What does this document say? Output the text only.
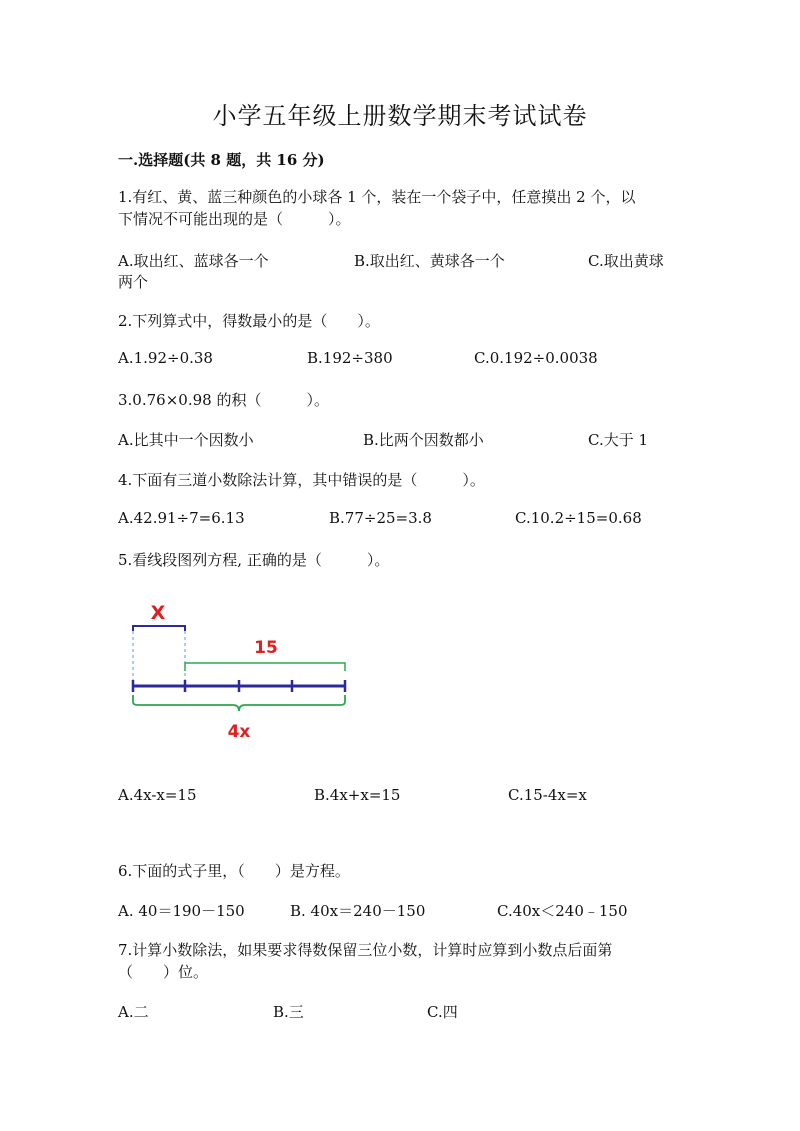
小学五年级上册数学期末考试试卷
一.选择题(共 8 题，共 16 分)
1.有红、黄、蓝三种颜色的小球各 1 个，装在一个袋子中，任意摸出 2 个，以
下情况不可能出现的是（　　　）。
A.取出红、蓝球各一个	B.取出红、黄球各一个	C.取出黄球
两个
2.下列算式中，得数最小的是（　　）。
A.1.92÷0.38	B.192÷380	C.0.192÷0.0038
3.0.76×0.98 的积（　　　）。
A.比其中一个因数小	B.比两个因数都小	C.大于 1
4.下面有三道小数除法计算，其中错误的是（　　　）。
A.42.91÷7=6.13	B.77÷25=3.8	C.10.2÷15=0.68
5.看线段图列方程, 正确的是（　　　）。
X
15
4x
A.4x-x=15	B.4x+x=15	C.15-4x=x
6.下面的式子里，（　　）是方程。
A. 40＝190－150	B. 40x＝240－150	C.40x＜240﹣150
7.计算小数除法，如果要求得数保留三位小数，计算时应算到小数点后面第
（　　）位。
A.二	B.三	C.四
